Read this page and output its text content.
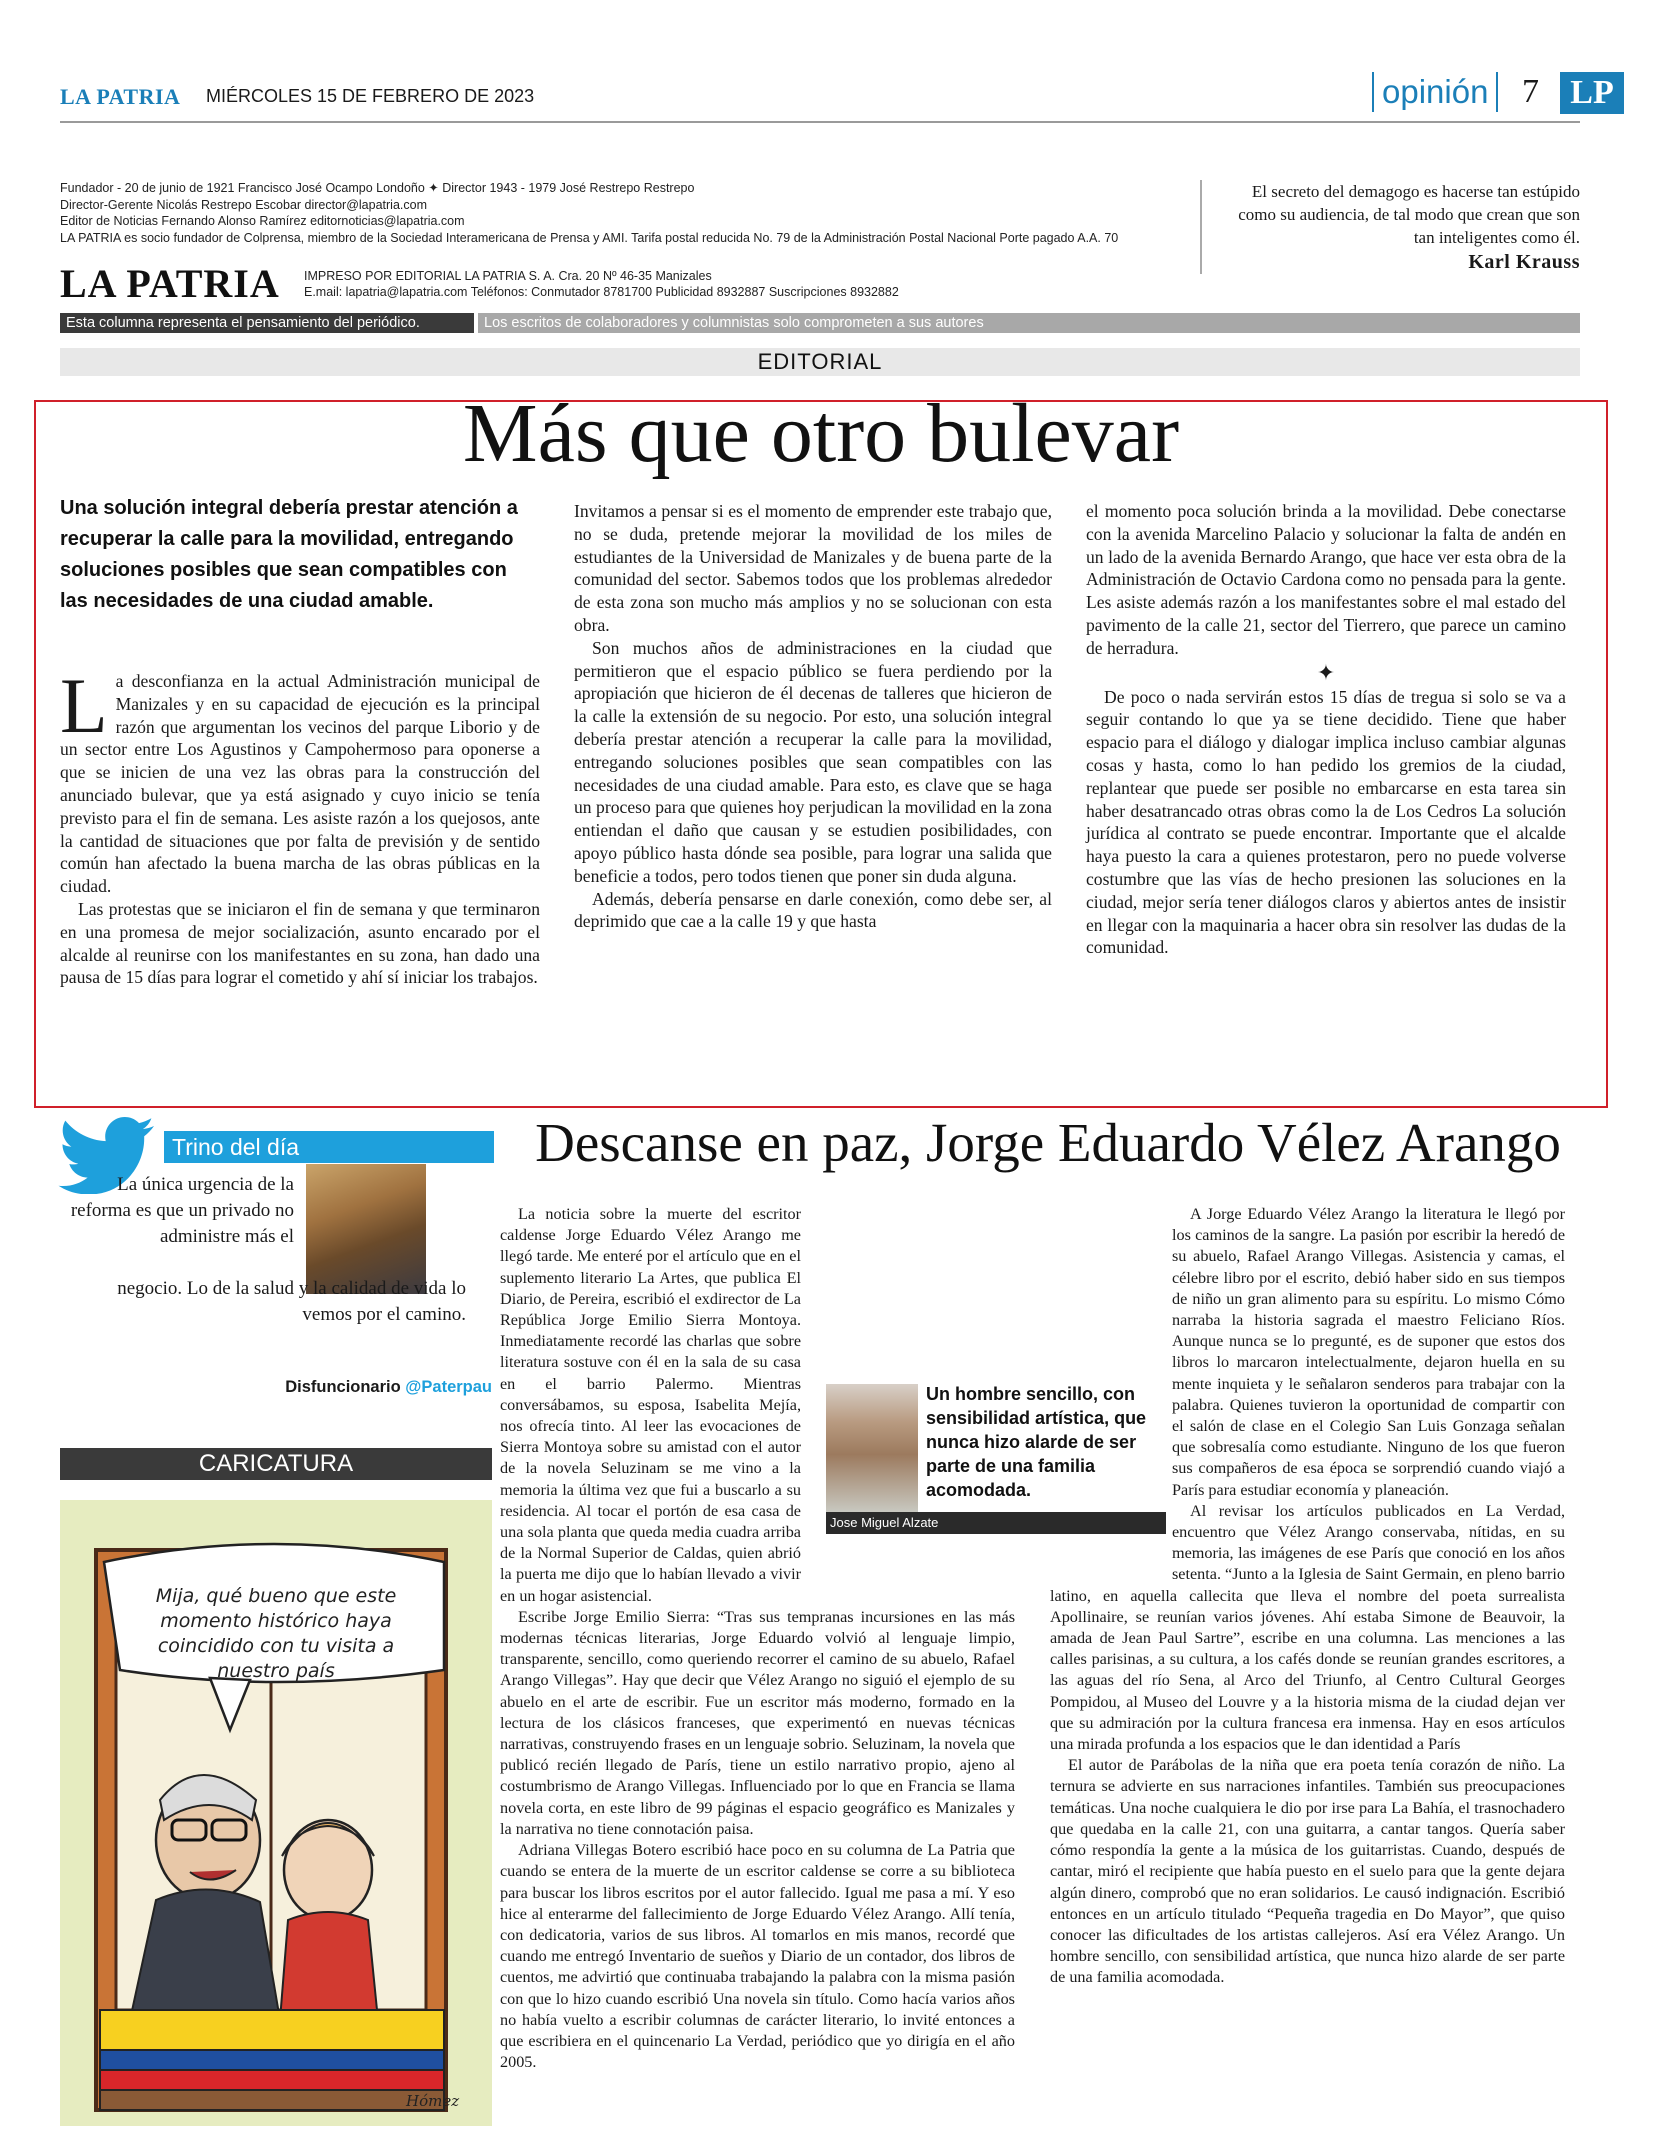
LA PATRIA MIÉRCOLES 15 DE FEBRERO DE 2023	opinión 7 LP
Fundador - 20 de junio de 1921 Francisco José Ocampo Londoño ✦ Director 1943 - 1979 José Restrepo Restrepo
Director-Gerente Nicolás Restrepo Escobar director@lapatria.com
Editor de Noticias Fernando Alonso Ramírez editornoticias@lapatria.com
LA PATRIA es socio fundador de Colprensa, miembro de la Sociedad Interamericana de Prensa y AMI. Tarifa postal reducida No. 79 de la Administración Postal Nacional Porte pagado A.A. 70
LA PATRIA IMPRESO POR EDITORIAL LA PATRIA S. A. Cra. 20 Nº 46-35 Manizales
E.mail: lapatria@lapatria.com Teléfonos: Conmutador 8781700 Publicidad 8932887 Suscripciones 8932882
El secreto del demagogo es hacerse tan estúpido como su audiencia, de tal modo que crean que son tan inteligentes como él.
Karl Krauss
Esta columna representa el pensamiento del periódico.	Los escritos de colaboradores y columnistas solo comprometen a sus autores
EDITORIAL
Más que otro bulevar
Una solución integral debería prestar atención a recuperar la calle para la movilidad, entregando soluciones posibles que sean compatibles con las necesidades de una ciudad amable.

La desconfianza en la actual Administración municipal de Manizales y en su capacidad de ejecución es la principal razón que argumentan los vecinos del parque Liborio y de un sector entre Los Agustinos y Campohermoso para oponerse a que se inicien de una vez las obras para la construcción del anunciado bulevar, que ya está asignado y cuyo inicio se tenía previsto para el fin de semana. Les asiste razón a los quejosos, ante la cantidad de situaciones que por falta de previsión y de sentido común han afectado la buena marcha de las obras públicas en la ciudad.

Las protestas que se iniciaron el fin de semana y que terminaron en una promesa de mejor socialización, asunto encarado por el alcalde al reunirse con los manifestantes en su zona, han dado una pausa de 15 días para lograr el cometido y ahí sí iniciar los trabajos.

Invitamos a pensar si es el momento de emprender este trabajo que, no se duda, pretende mejorar la movilidad de los miles de estudiantes de la Universidad de Manizales y de buena parte de la comunidad del sector. Sabemos todos que los problemas alrededor de esta zona son mucho más amplios y no se solucionan con esta obra.

Son muchos años de administraciones en la ciudad que permitieron que el espacio público se fuera perdiendo por la apropiación que hicieron de él decenas de talleres que hicieron de la calle la extensión de su negocio. Por esto, una solución integral debería prestar atención a recuperar la calle para la movilidad, entregando soluciones posibles que sean compatibles con las necesidades de una ciudad amable. Para esto, es clave que se haga un proceso para que quienes hoy perjudican la movilidad en la zona entiendan el daño que causan y se estudien posibilidades, con apoyo público hasta dónde sea posible, para lograr una salida que beneficie a todos, pero todos tienen que poner sin duda alguna.

Además, debería pensarse en darle conexión, como debe ser, al deprimido que cae a la calle 19 y que hasta

el momento poca solución brinda a la movilidad. Debe conectarse con la avenida Marcelino Palacio y solucionar la falta de andén en un lado de la avenida Bernardo Arango, que hace ver esta obra de la Administración de Octavio Cardona como no pensada para la gente. Les asiste además razón a los manifestantes sobre el mal estado del pavimento de la calle 21, sector del Tierrero, que parece un camino de herradura.

✦

De poco o nada servirán estos 15 días de tregua si solo se va a seguir contando lo que ya se tiene decidido. Tiene que haber espacio para el diálogo y dialogar implica incluso cambiar algunas cosas y hasta, como lo han pedido los gremios de la ciudad, replantear que puede ser posible no embarcarse en esta tarea sin haber desatrancado otras obras como la de Los Cedros La solución jurídica al contrato se puede encontrar. Importante que el alcalde haya puesto la cara a quienes protestaron, pero no puede volverse costumbre que las vías de hecho presionen las soluciones en la ciudad, mejor sería tener diálogos claros y abiertos antes de insistir en llegar con la maquinaria a hacer obra sin resolver las dudas de la comunidad.

Trino del día
La única urgencia de la reforma es que un privado no administre más el
negocio. Lo de la salud y la calidad de vida lo vemos por el camino.
Disfuncionario @Paterpau
CARICATURA
Mija, qué bueno que este momento histórico haya coincidido con tu visita a nuestro país
Hómez
Descanse en paz, Jorge Eduardo Vélez Arango

La noticia sobre la muerte del escritor caldense Jorge Eduardo Vélez Arango me llegó tarde. Me enteré por el artículo que en el suplemento literario La Artes, que publica El Diario, de Pereira, escribió el exdirector de La República Jorge Emilio Sierra Montoya. Inmediatamente recordé las charlas que sobre literatura sostuve con él en la sala de su casa en el barrio Palermo. Mientras conversábamos, su esposa, Isabelita Mejía, nos ofrecía tinto. Al leer las evocaciones de Sierra Montoya sobre su amistad con el autor de la novela Seluzinam se me vino a la memoria la última vez que fui a buscarlo a su residencia. Al tocar el portón de esa casa de una sola planta que queda media cuadra arriba de la Normal Superior de Caldas, quien abrió la puerta me dijo que lo habían llevado a vivir en un hogar asistencial.

Escribe Jorge Emilio Sierra: “Tras sus tempranas incursiones en las más modernas técnicas literarias, Jorge Eduardo volvió al lenguaje limpio, transparente, sencillo, como queriendo recorrer el camino de su abuelo, Rafael Arango Villegas”. Hay que decir que Vélez Arango no siguió el ejemplo de su abuelo en el arte de escribir. Fue un escritor más moderno, formado en la lectura de los clásicos franceses, que experimentó en nuevas técnicas narrativas, construyendo frases en un lenguaje sobrio. Seluzinam, la novela que publicó recién llegado de París, tiene un estilo narrativo propio, ajeno al costumbrismo de Arango Villegas. Influenciado por lo que en Francia se llama novela corta, en este libro de 99 páginas el espacio geográfico es Manizales y la narrativa no tiene connotación paisa.

Adriana Villegas Botero escribió hace poco en su columna de La Patria que cuando se entera de la muerte de un escritor caldense se corre a su biblioteca para buscar los libros escritos por el autor fallecido. Igual me pasa a mí. Y eso hice al enterarme del fallecimiento de Jorge Eduardo Vélez Arango. Allí tenía, con dedicatoria, varios de sus libros. Al tomarlos en mis manos, recordé que cuando me entregó Inventario de sueños y Diario de un contador, dos libros de cuentos, me advirtió que continuaba trabajando la palabra con la misma pasión con que lo hizo cuando escribió Una novela sin título. Como hacía varios años no había vuelto a escribir columnas de carácter literario, lo invité entonces a que escribiera en el quincenario La Verdad, periódico que yo dirigía en el año 2005.

A Jorge Eduardo Vélez Arango la literatura le llegó por los caminos de la sangre. La pasión por escribir la heredó de su abuelo, Rafael Arango Villegas. Asistencia y camas, el célebre libro por el escrito, debió haber sido en sus tiempos de niño un gran alimento para su espíritu. Lo mismo Cómo narraba la historia sagrada el maestro Feliciano Ríos. Aunque nunca se lo pregunté, es de suponer que estos dos libros lo marcaron intelectualmente, dejaron huella en su mente inquieta y le señalaron senderos para trabajar con la palabra. Quienes tuvieron la oportunidad de compartir con el salón de clase en el Colegio San Luis Gonzaga señalan que sobresalía como estudiante. Ninguno de los que fueron sus compañeros de esa época se sorprendió cuando viajó a París para estudiar economía y planeación.

Al revisar los artículos publicados en La Verdad, encuentro que Vélez Arango conservaba, nítidas, en su memoria, las imágenes de ese París que conoció en los años setenta. “Junto a la Iglesia de Saint Germain, en pleno barrio latino, en aquella callecita que lleva el nombre del poeta surrealista Apollinaire, se reunían varios jóvenes. Ahí estaba Simone de Beauvoir, la amada de Jean Paul Sartre”, escribe en una columna. Las menciones a las calles parisinas, a su cultura, a los cafés donde se reunían grandes escritores, a las aguas del río Sena, al Arco del Triunfo, al Centro Cultural Georges Pompidou, al Museo del Louvre y a la historia misma de la ciudad dejan ver que su admiración por la cultura francesa era inmensa. Hay en esos artículos una mirada profunda a los espacios que le dan identidad a París

El autor de Parábolas de la niña que era poeta tenía corazón de niño. La ternura se advierte en sus narraciones infantiles. También sus preocupaciones temáticas. Una noche cualquiera le dio por irse para La Bahía, el trasnochadero que quedaba en la calle 21, con una guitarra, a cantar tangos. Quería saber cómo respondía la gente a la música de los guitarristas. Cuando, después de cantar, miró el recipiente que había puesto en el suelo para que la gente dejara algún dinero, comprobó que no eran solidarios. Le causó indignación. Escribió entonces en un artículo titulado “Pequeña tragedia en Do Mayor”, que quiso conocer las dificultades de los artistas callejeros. Así era Vélez Arango. Un hombre sencillo, con sensibilidad artística, que nunca hizo alarde de ser parte de una familia acomodada.

Un hombre sencillo, con sensibilidad artística, que nunca hizo alarde de ser parte de una familia acomodada.
Jose Miguel Alzate
